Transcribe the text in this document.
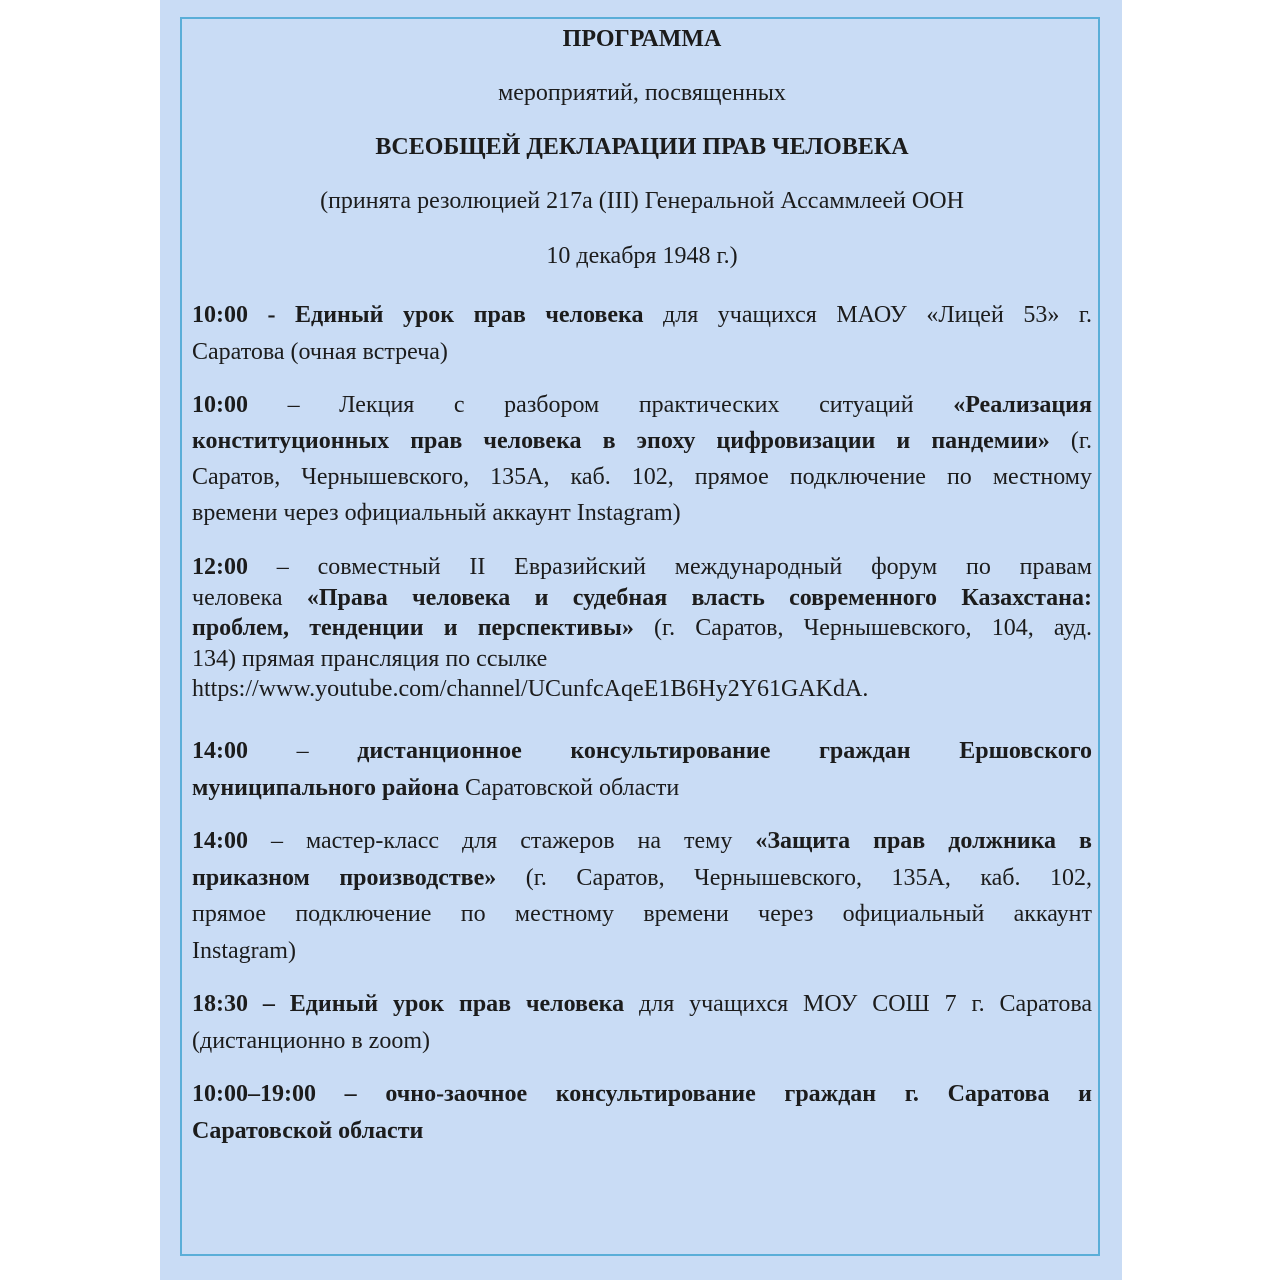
ПРОГРАММА
мероприятий, посвященных
ВСЕОБЩЕЙ ДЕКЛАРАЦИИ ПРАВ ЧЕЛОВЕКА
(принята резолюцией 217а (III) Генеральной Ассаммлеей ООН
10 декабря 1948 г.)
10:00 - Единый урок прав человека для учащихся МАОУ «Лицей 53» г.
Саратова (очная встреча)
10:00 – Лекция с разбором практических ситуаций «Реализация
конституционных прав человека в эпоху цифровизации и пандемии» (г.
Саратов, Чернышевского, 135А, каб. 102, прямое подключение по местному
времени через официальный аккаунт Instagram)
12:00 – совместный II Евразийский международный форум по правам
человека «Права человека и судебная власть современного Казахстана:
проблем, тенденции и перспективы» (г. Саратов, Чернышевского, 104, ауд.
134) прямая прансляция по ссылке
https://www.youtube.com/channel/UCunfcAqeE1B6Hy2Y61GAKdA.
14:00 – дистанционное консультирование граждан Ершовского
муниципального района Саратовской области
14:00 – мастер-класс для стажеров на тему «Защита прав должника в
приказном производстве» (г. Саратов, Чернышевского, 135А, каб. 102,
прямое подключение по местному времени через официальный аккаунт
Instagram)
18:30 – Единый урок прав человека для учащихся МОУ СОШ 7 г. Саратова
(дистанционно в zoom)
10:00–19:00 – очно-заочное консультирование граждан г. Саратова и
Саратовской области
